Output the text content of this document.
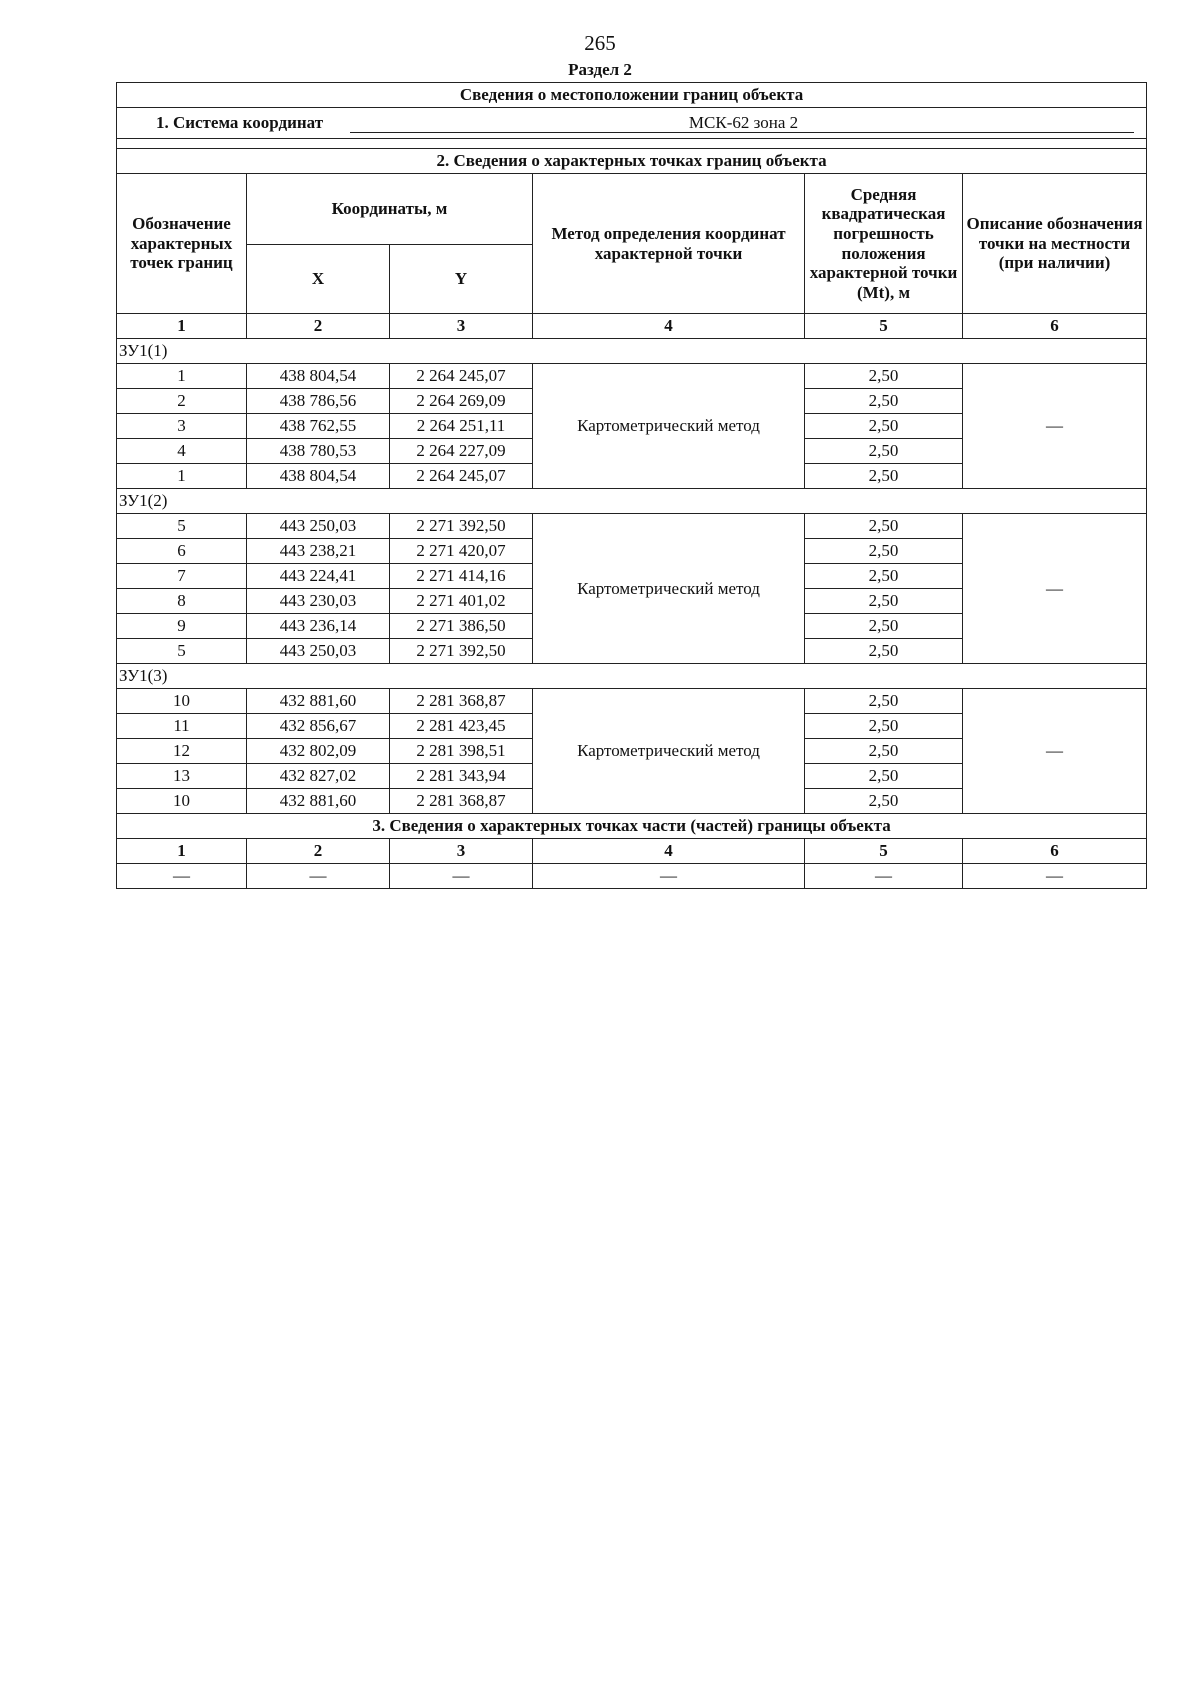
265
Раздел 2
Сведения о местоположении границ объекта					
1. Система координат МСК-62 зона 2					

2. Сведения о характерных точках границ объекта					
Обозначение характерных точек границ	Координаты, м		Метод определения координат характерной точки	Средняя квадратическая погрешность положения характерной точки (Mt), м	Описание обозначения точки на местности (при наличии)
	X	Y			
1	2	3	4	5	6
ЗУ1(1)					
1	438 804,54	2 264 245,07	Картометрический метод	2,50	—
2	438 786,56	2 264 269,09		2,50	
3	438 762,55	2 264 251,11		2,50	
4	438 780,53	2 264 227,09		2,50	
1	438 804,54	2 264 245,07		2,50	
ЗУ1(2)					
5	443 250,03	2 271 392,50	Картометрический метод	2,50	—
6	443 238,21	2 271 420,07		2,50	
7	443 224,41	2 271 414,16		2,50	
8	443 230,03	2 271 401,02		2,50	
9	443 236,14	2 271 386,50		2,50	
5	443 250,03	2 271 392,50		2,50	
ЗУ1(3)					
10	432 881,60	2 281 368,87	Картометрический метод	2,50	—
11	432 856,67	2 281 423,45		2,50	
12	432 802,09	2 281 398,51		2,50	
13	432 827,02	2 281 343,94		2,50	
10	432 881,60	2 281 368,87		2,50	
3. Сведения о характерных точках части (частей) границы объекта					
1	2	3	4	5	6
—	—	—	—	—	—
